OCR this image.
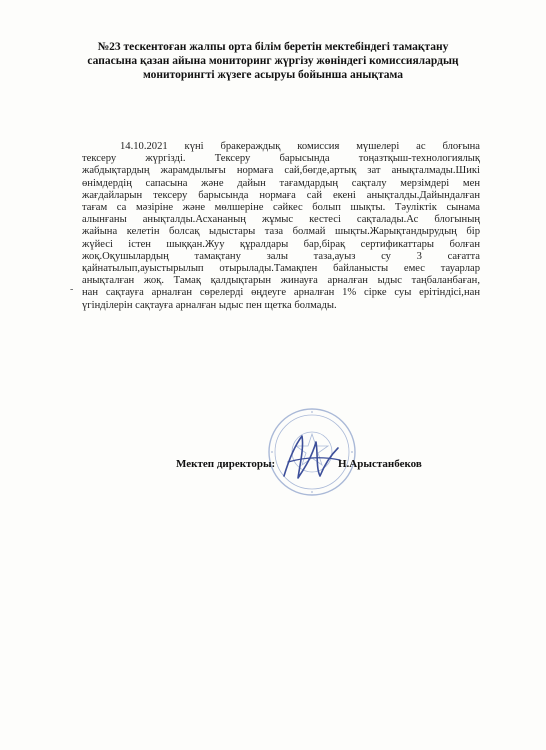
№23 тескентоған жалпы орта білім беретін мектебіндегі тамақтану
сапасына қазан айына мониторинг жүргізу жөніндегі комиссиялардың
мониторингті жүзеге асыруы бойынша анықтама
14.10.2021 күні бракераждық комиссия мүшелері ас блоғына
тексеру жүргізді. Тексеру барысында тоңазтқыш-технологиялық
жабдықтардың жарамдылығы нормаға сай,бөгде,артық зат анықталмады.Шикі
өнімдердің сапасына және дайын тағамдардың сақталу мерзімдері мен
жағдайларын тексеру барысында нормаға сай екені анықталды.Дайындалған
тағам са мәзіріне және мөлшеріне сәйкес болып шықты. Тәуліктік сынама
алынғаны анықталды.Асхананың жұмыс кестесі сақталады.Ас блогының
жайына келетін болсақ ыдыстары таза болмай шықты.Жарықтандырудың бір
жүйесі істен шыққан.Жуу құралдары бар,бірақ сертификаттары болған
жоқ.Оқушылардың тамақтану залы таза,ауыз су 3 сағатта
қайнатылып,ауыстырылып отырылады.Тамақпен байланысты емес тауарлар
анықталған жоқ. Тамақ қалдықтарын жинауға арналған ыдыс таңбаланбаған,
нан сақтауға арналған сөрелерді өңдеуге арналған 1% сірке суы ерітіндісі,нан
үгінділерін сақтауға арналған ыдыс пен щетка болмады.
-
Мектеп директоры:	Н.Арыстанбеков
